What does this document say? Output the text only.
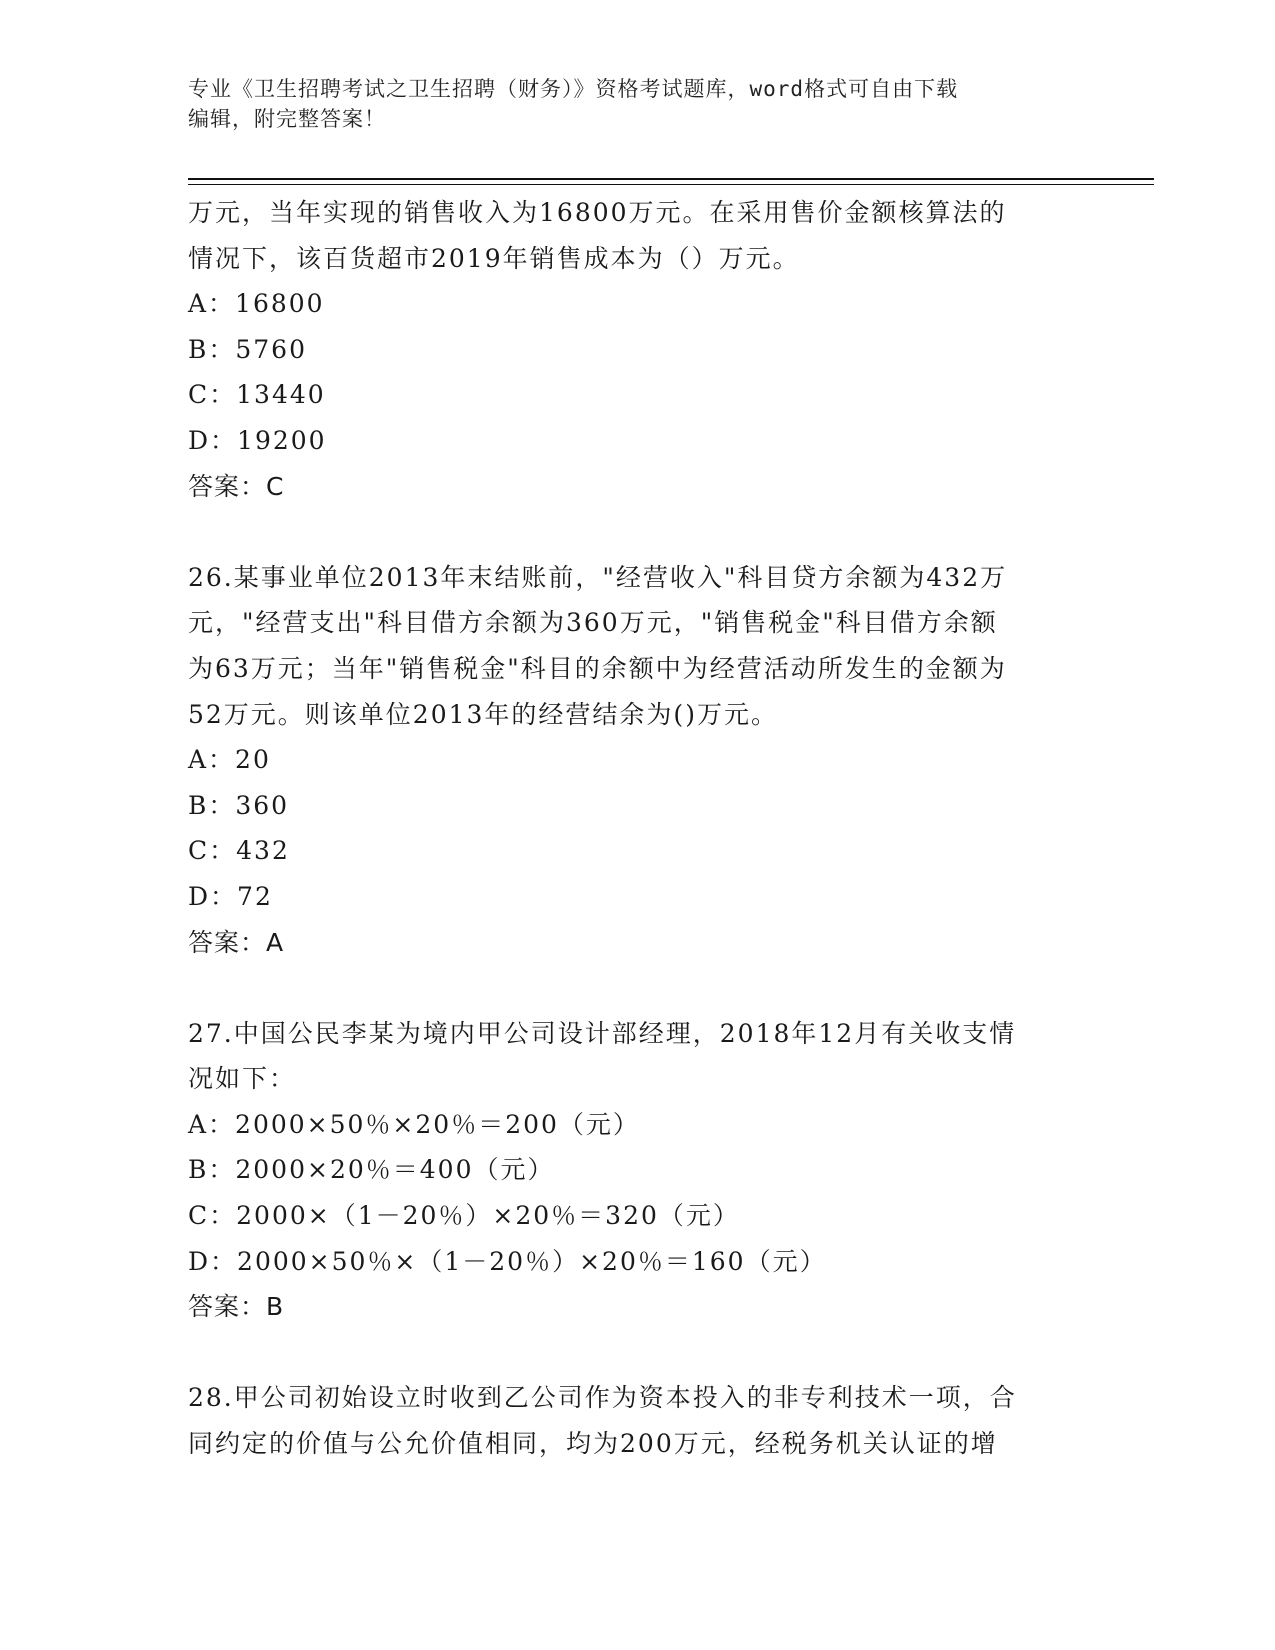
专业《卫生招聘考试之卫生招聘（财务）》资格考试题库，word格式可自由下载
编辑，附完整答案！
万元，当年实现的销售收入为16800万元。在采用售价金额核算法的
情况下，该百货超市2019年销售成本为（）万元。
A：16800
B：5760
C：13440
D：19200
答案：C
26.某事业单位2013年末结账前，"经营收入"科目贷方余额为432万
元，"经营支出"科目借方余额为360万元，"销售税金"科目借方余额
为63万元；当年"销售税金"科目的余额中为经营活动所发生的金额为
52万元。则该单位2013年的经营结余为()万元。
A：20
B：360
C：432
D：72
答案：A
27.中国公民李某为境内甲公司设计部经理，2018年12月有关收支情
况如下：
A：2000×50％×20％＝200（元）
B：2000×20％＝400（元）
C：2000×（1－20％）×20％＝320（元）
D：2000×50％×（1－20％）×20％＝160（元）
答案：B
28.甲公司初始设立时收到乙公司作为资本投入的非专利技术一项，合
同约定的价值与公允价值相同，均为200万元，经税务机关认证的增
